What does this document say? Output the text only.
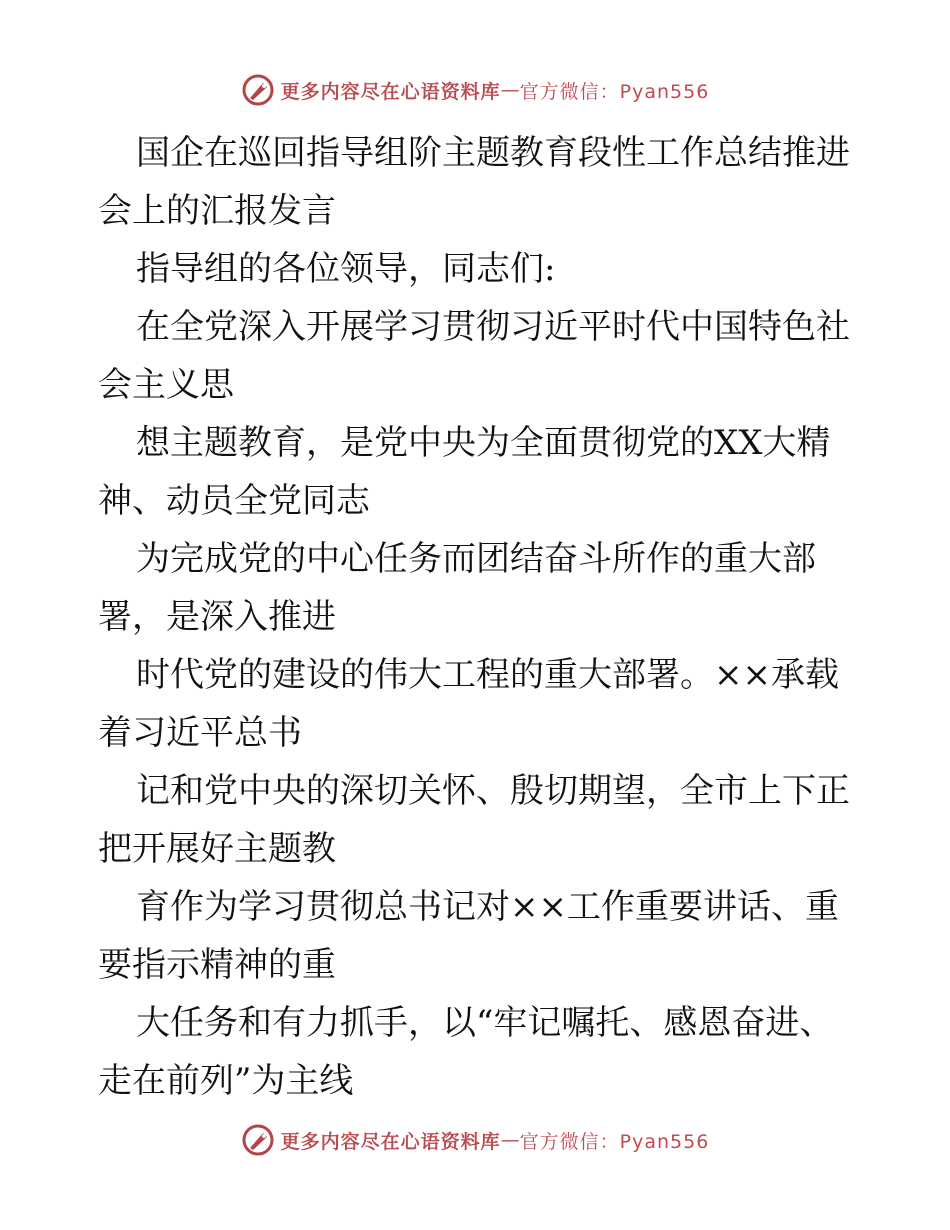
更多内容尽在心语资料库 — 官方微信：Pyan556
国企在巡回指导组阶主题教育段性工作总结推进
会上的汇报发言
指导组的各位领导，同志们:
在全党深入开展学习贯彻习近平时代中国特色社
会主义思
想主题教育，是党中央为全面贯彻党的XX大精
神、动员全党同志
为完成党的中心任务而团结奋斗所作的重大部
署，是深入推进
时代党的建设的伟大工程的重大部署。××承载
着习近平总书
记和党中央的深切关怀、殷切期望，全市上下正
把开展好主题教
育作为学习贯彻总书记对××工作重要讲话、重
要指示精神的重
大任务和有力抓手，以“牢记嘱托、感恩奋进、
走在前列”为主线
更多内容尽在心语资料库 — 官方微信：Pyan556
